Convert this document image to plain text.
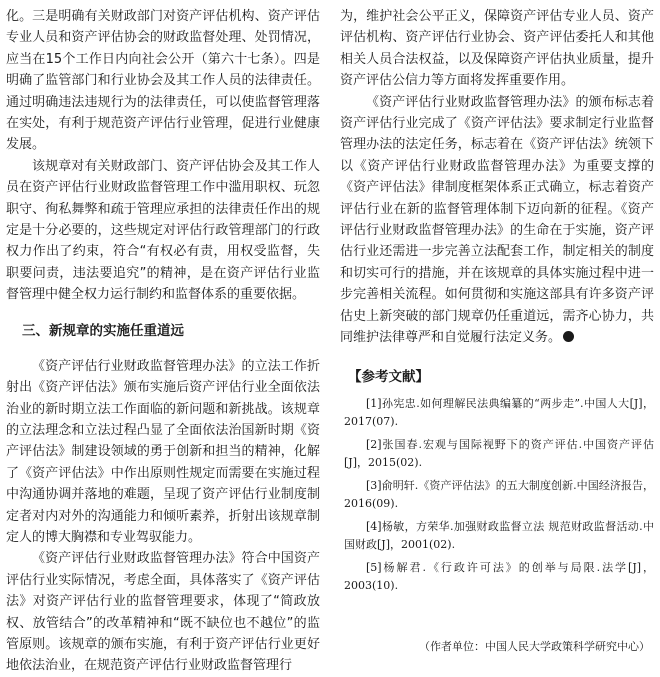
化。三是明确有关财政部门对资产评估机构、资产评估专业人员和资产评估协会的财政监督处理、处罚情况，应当在15个工作日内向社会公开（第六十七条）。四是明确了监管部门和行业协会及其工作人员的法律责任。通过明确违法违规行为的法律责任，可以使监督管理落在实处，有利于规范资产评估行业管理，促进行业健康发展。

该规章对有关财政部门、资产评估协会及其工作人员在资产评估行业财政监督管理工作中滥用职权、玩忽职守、徇私舞弊和疏于管理应承担的法律责任作出的规定是十分必要的，这些规定对评估行政管理部门的行政权力作出了约束，符合“有权必有责，用权受监督，失职要问责，违法要追究”的精神，是在资产评估行业监督管理中健全权力运行制约和监督体系的重要依据。

三、新规章的实施任重道远

《资产评估行业财政监督管理办法》的立法工作折射出《资产评估法》颁布实施后资产评估行业全面依法治业的新时期立法工作面临的新问题和新挑战。该规章的立法理念和立法过程凸显了全面依法治国新时期《资产评估法》制建设领域的勇于创新和担当的精神，化解了《资产评估法》中作出原则性规定而需要在实施过程中沟通协调并落地的难题，呈现了资产评估行业制度制定者对内对外的沟通能力和倾听素养，折射出该规章制定人的博大胸襟和专业驾驭能力。

《资产评估行业财政监督管理办法》符合中国资产评估行业实际情况，考虑全面，具体落实了《资产评估法》对资产评估行业的监督管理要求，体现了“简政放权、放管结合”的改革精神和“既不缺位也不越位”的监管原则。该规章的颁布实施，有利于资产评估行业更好地依法治业，在规范资产评估行业财政监督管理行

为，维护社会公平正义，保障资产评估专业人员、资产评估机构、资产评估行业协会、资产评估委托人和其他相关人员合法权益，以及保障资产评估执业质量，提升资产评估公信力等方面将发挥重要作用。

《资产评估行业财政监督管理办法》的颁布标志着资产评估行业完成了《资产评估法》要求制定行业监督管理办法的法定任务，标志着在《资产评估法》统领下以《资产评估行业财政监督管理办法》为重要支撑的《资产评估法》律制度框架体系正式确立，标志着资产评估行业在新的监督管理体制下迈向新的征程。《资产评估行业财政监督管理办法》的生命在于实施，资产评估行业还需进一步完善立法配套工作，制定相关的制度和切实可行的措施，并在该规章的具体实施过程中进一步完善相关流程。如何贯彻和实施这部具有许多资产评估史上新突破的部门规章仍任重道远，需齐心协力，共同维护法律尊严和自觉履行法定义务。

【参考文献】
[1]孙宪忠.如何理解民法典编纂的“两步走”.中国人大[J]，2017(07).
[2]张国春.宏观与国际视野下的资产评估.中国资产评估[J]，2015(02).
[3]俞明轩.《资产评估法》的五大制度创新.中国经济报告，2016(09).
[4]杨敏，方荣华.加强财政监督立法 规范财政监督活动.中国财政[J]，2001(02).
[5]杨解君.《行政许可法》的创举与局限.法学[J]，2003(10).
（作者单位：中国人民大学政策科学研究中心）
